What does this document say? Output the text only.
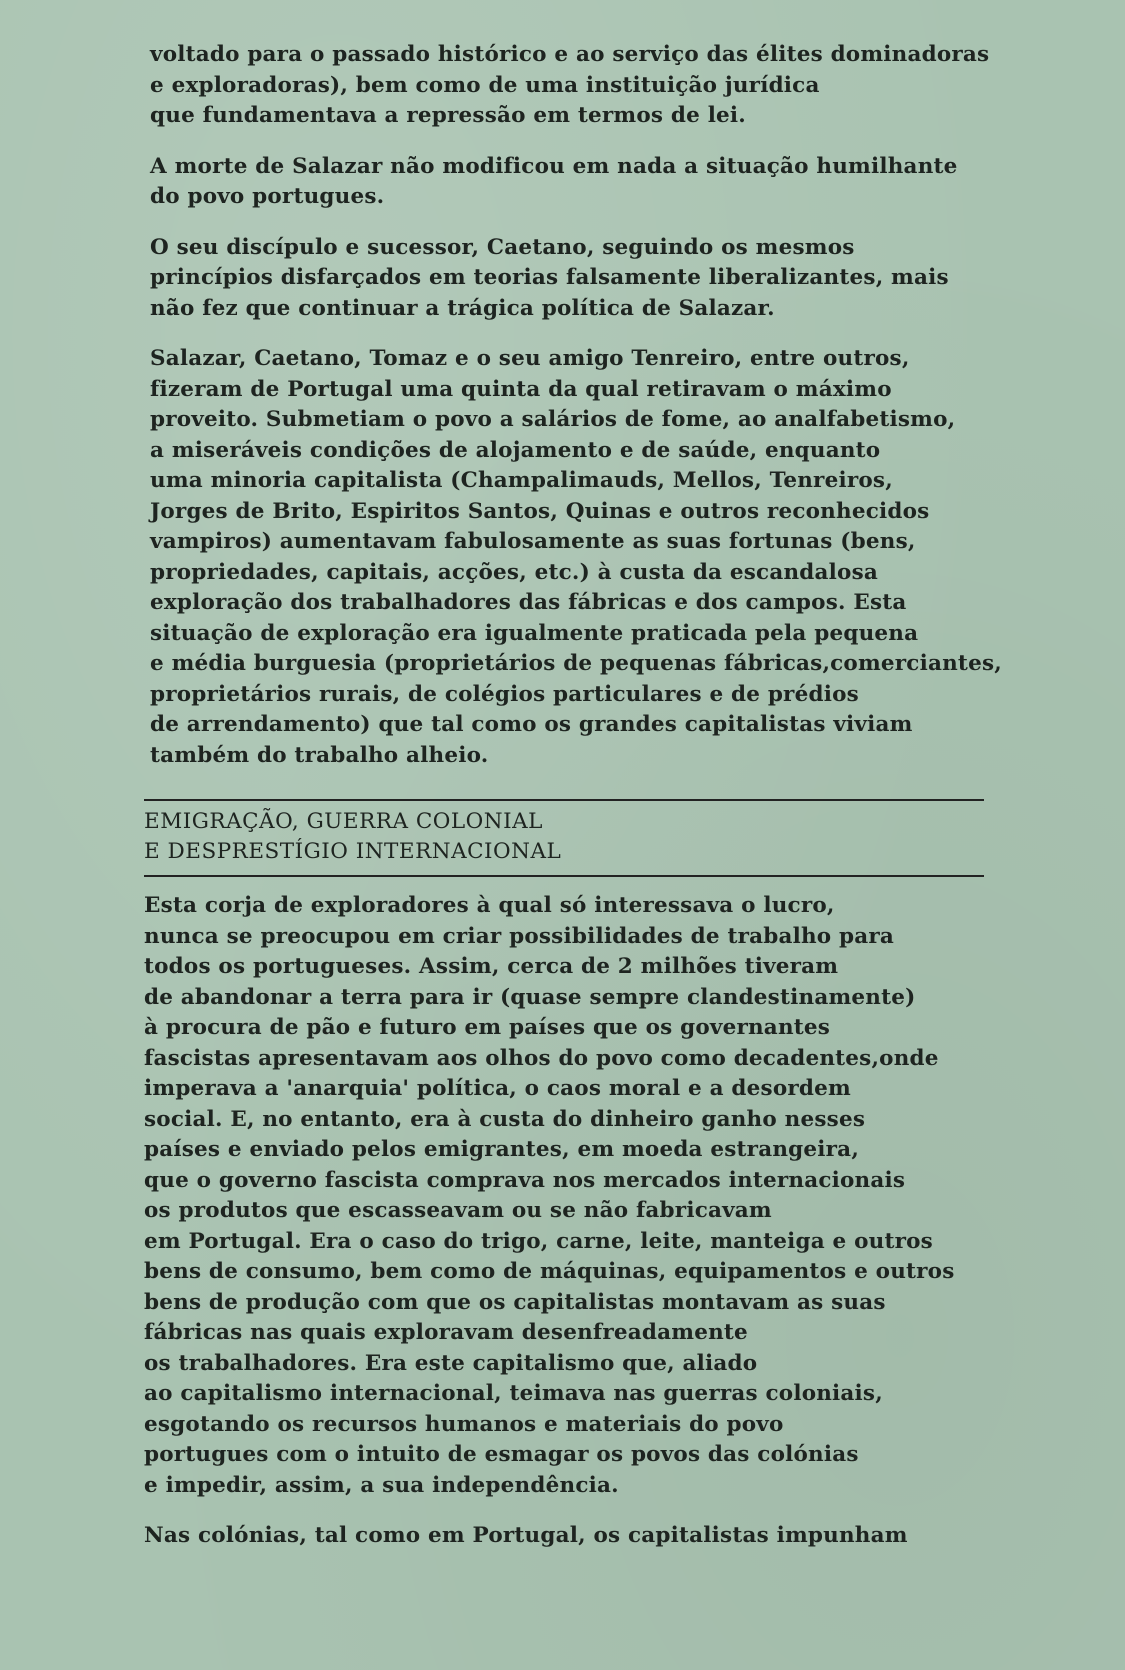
voltado para o passado histórico e ao serviço das élites dominadoras
e exploradoras), bem como de uma instituição jurídica
que fundamentava a repressão em termos de lei.

A morte de Salazar não modificou em nada a situação humilhante
do povo portugues.

O seu discípulo e sucessor, Caetano, seguindo os mesmos
princípios disfarçados em teorias falsamente liberalizantes, mais
não fez que continuar a trágica política de Salazar.

Salazar, Caetano, Tomaz e o seu amigo Tenreiro, entre outros,
fizeram de Portugal uma quinta da qual retiravam o máximo
proveito. Submetiam o povo a salários de fome, ao analfabetismo,
a miseráveis condições de alojamento e de saúde, enquanto
uma minoria capitalista (Champalimauds, Mellos, Tenreiros,
Jorges de Brito, Espiritos Santos, Quinas e outros reconhecidos
vampiros) aumentavam fabulosamente as suas fortunas (bens,
propriedades, capitais, acções, etc.) à custa da escandalosa
exploração dos trabalhadores das fábricas e dos campos. Esta
situação de exploração era igualmente praticada pela pequena
e média burguesia (proprietários de pequenas fábricas,comerciantes,
proprietários rurais, de colégios particulares e de prédios
de arrendamento) que tal como os grandes capitalistas viviam
também do trabalho alheio.

EMIGRAÇÃO, GUERRA COLONIAL
E DESPRESTÍGIO INTERNACIONAL

Esta corja de exploradores à qual só interessava o lucro,
nunca se preocupou em criar possibilidades de trabalho para
todos os portugueses. Assim, cerca de 2 milhões tiveram
de abandonar a terra para ir (quase sempre clandestinamente)
à procura de pão e futuro em países que os governantes
fascistas apresentavam aos olhos do povo como decadentes,onde
imperava a 'anarquia' política, o caos moral e a desordem
social. E, no entanto, era à custa do dinheiro ganho nesses
países e enviado pelos emigrantes, em moeda estrangeira,
que o governo fascista comprava nos mercados internacionais
os produtos que escasseavam ou se não fabricavam
em Portugal. Era o caso do trigo, carne, leite, manteiga e outros
bens de consumo, bem como de máquinas, equipamentos e outros
bens de produção com que os capitalistas montavam as suas
fábricas nas quais exploravam desenfreadamente
os trabalhadores. Era este capitalismo que, aliado
ao capitalismo internacional, teimava nas guerras coloniais,
esgotando os recursos humanos e materiais do povo
portugues com o intuito de esmagar os povos das colónias
e impedir, assim, a sua independência.

Nas colónias, tal como em Portugal, os capitalistas impunham
